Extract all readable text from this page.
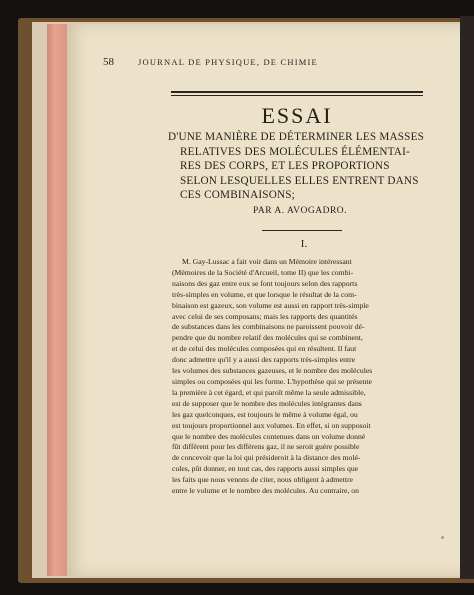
58	JOURNAL DE PHYSIQUE, DE CHIMIE
ESSAI
D'UNE MANIÈRE DE DÉTERMINER LES MASSES
RELATIVES DES MOLÉCULES ÉLÉMENTAI-
RES DES CORPS, ET LES PROPORTIONS
SELON LESQUELLES ELLES ENTRENT DANS
CES COMBINAISONS;
PAR A. AVOGADRO.
I.
M. Gay-Lussac a fait voir dans un Mémoire intéressant
(Mémoires de la Société d'Arcueil, tome II) que les combi-
naisons des gaz entre eux se font toujours selon des rapports
très-simples en volume, et que lorsque le résultat de la com-
binaison est gazeux, son volume est aussi en rapport très-simple
avec celui de ses composans; mais les rapports des quantités
de substances dans les combinaisons ne paroissent pouvoir dé-
pendre que du nombre relatif des molécules qui se combinent,
et de celui des molécules composées qui en résultent. Il faut
donc admettre qu'il y a aussi des rapports très-simples entre
les volumes des substances gazeuses, et le nombre des molécules
simples ou composées qui les forme. L'hypothèse qui se présente
la première à cet égard, et qui paroît même la seule admissible,
est de supposer que le nombre des molécules intégrantes dans
les gaz quelconques, est toujours le même à volume égal, ou
est toujours proportionnel aux volumes. En effet, si on supposoit
que le nombre des molécules contenues dans un volume donné
fût différent pour les différens gaz, il ne seroit guère possible
de concevoir que la loi qui présideroit à la distance des molé-
cules, pût donner, en tout cas, des rapports aussi simples que
les faits que nous venons de citer, nous obligent à admettre
entre le volume et le nombre des molécules. Au contraire, on
